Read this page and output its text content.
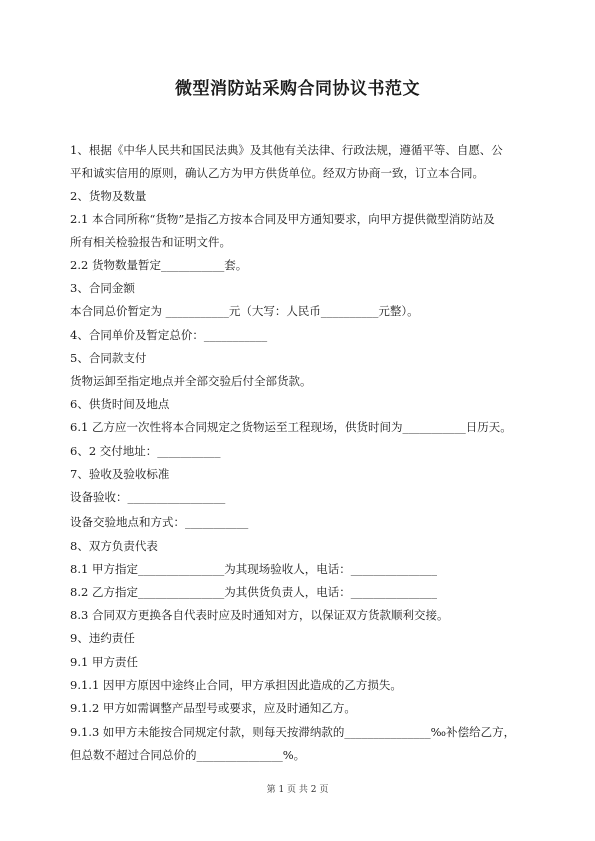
微型消防站采购合同协议书范文
1、根据《中华人民共和国民法典》及其他有关法律、行政法规，遵循平等、自愿、公
平和诚实信用的原则，确认乙方为甲方供货单位。经双方协商一致，订立本合同。
2、货物及数量
2.1 本合同所称“货物”是指乙方按本合同及甲方通知要求，向甲方提供微型消防站及
所有相关检验报告和证明文件。
2.2 货物数量暂定___________套。
3、合同金额
本合同总价暂定为 ___________元（大写：人民币__________元整）。
4、合同单价及暂定总价：___________
5、合同款支付
货物运卸至指定地点并全部交验后付全部货款。
6、供货时间及地点
6.1 乙方应一次性将本合同规定之货物运至工程现场，供货时间为___________日历天。
6、2 交付地址：___________
7、验收及验收标准
设备验收：_________________
设备交验地点和方式：___________
8、双方负责代表
8.1 甲方指定_______________为其现场验收人，电话：_______________
8.2 乙方指定_______________为其供货负责人，电话：_______________
8.3 合同双方更换各自代表时应及时通知对方，以保证双方货款顺利交接。
9、违约责任
9.1 甲方责任
9.1.1 因甲方原因中途终止合同，甲方承担因此造成的乙方损失。
9.1.2 甲方如需调整产品型号或要求，应及时通知乙方。
9.1.3 如甲方未能按合同规定付款，则每天按滞纳款的_______________‰补偿给乙方，
但总数不超过合同总价的_______________%。
第 1 页 共 2 页
